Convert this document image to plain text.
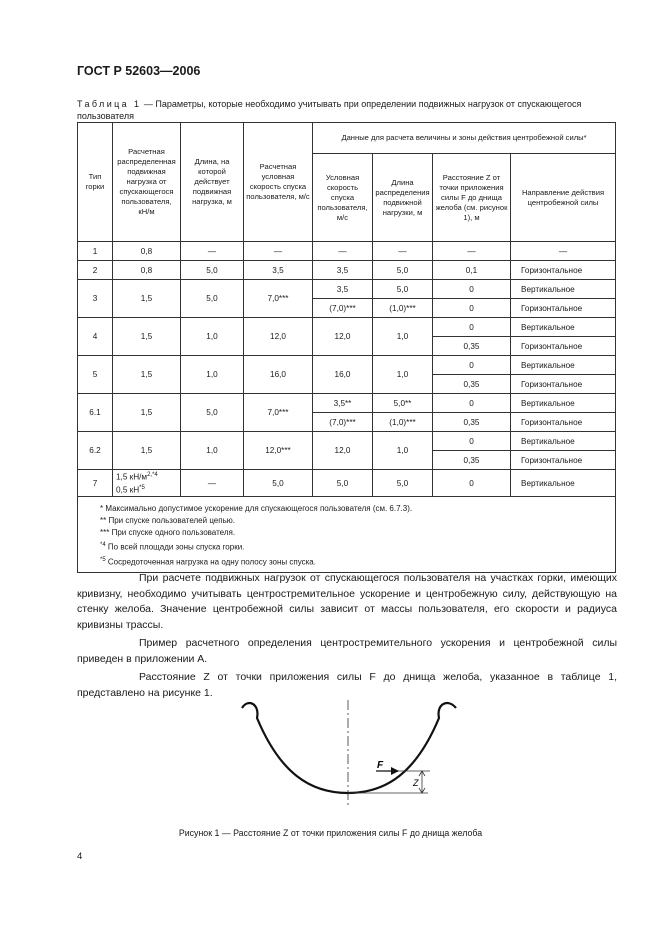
ГОСТ Р 52603—2006
Таблица 1 — Параметры, которые необходимо учитывать при определении подвижных нагрузок от спускающегося пользователя
Тип горки	Расчетная распределенная подвижная нагрузка от спускающегося пользователя, кН/м	Длина, на которой действует подвижная нагрузка, м	Расчетная условная скорость спуска пользователя, м/с	Данные для расчета величины и зоны действия центробежной силы*			
				Условная скорость спуска пользователя, м/с	Длина распределения подвижной нагрузки, м	Расстояние Z от точки приложения силы F до днища желоба (см. рисунок 1), м	Направление действия центробежной силы
1	0,8	—	—	—	—	—	—
2	0,8	5,0	3,5	3,5	5,0	0,1	Горизонтальное
3	1,5	5,0	7,0***	3,5	5,0	0	Вертикальное
				(7,0)***	(1,0)***	0	Горизонтальное
4	1,5	1,0	12,0	12,0	1,0	0	Вертикальное
						0,35	Горизонтальное
5	1,5	1,0	16,0	16,0	1,0	0	Вертикальное
						0,35	Горизонтальное
6.1	1,5	5,0	7,0***	3,5**	5,0**	0	Вертикальное
				(7,0)***	(1,0)***	0,35	Горизонтальное
6.2	1,5	1,0	12,0***	12,0	1,0	0	Вертикальное
						0,35	Горизонтальное
7	1,5 $кН/м^{2,*4}$
0,5 $кН^{*5}$	—	5,0	5,0	5,0	0	Вертикальное

* Максимально допустимое ускорение для спускающегося пользователя (см. 6.7.3).
** При спуске пользователей цепью.
*** При спуске одного пользователя.
$^{*4}$ По всей площади зоны спуска горки.
$^{*5}$ Сосредоточенная нагрузка на одну полосу зоны спуска.							

При расчете подвижных нагрузок от спускающегося пользователя на участках горки, имеющих кривизну, необходимо учитывать центростремительное ускорение и центробежную силу, действующую на стенку желоба. Значение центробежной силы зависит от массы пользователя, его скорости и радиуса кривизны трассы.

Пример расчетного определения центростремительного ускорения и центробежной силы приведен в приложении А.

Расстояние Z от точки приложения силы F до днища желоба, указанное в таблице 1, представлено на рисунке 1.

F
Z
Рисунок 1 — Расстояние Z от точки приложения силы F до днища желоба
4
